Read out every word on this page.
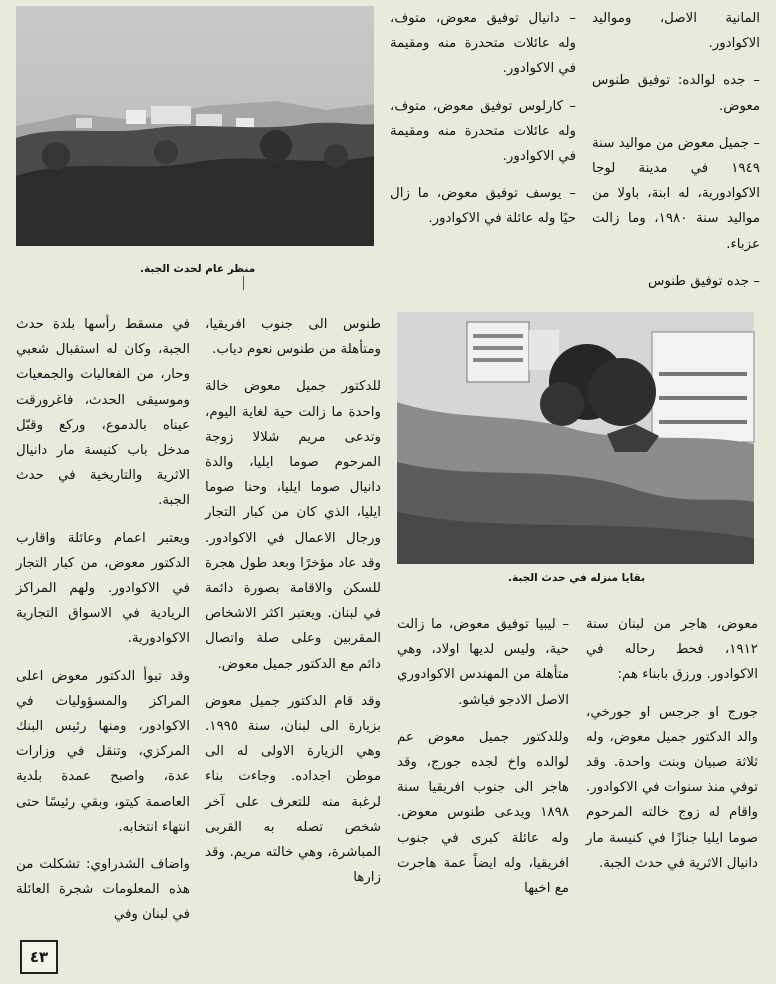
منظر عام لحدث الجبة.

المانية الاصل، ومواليد الاكوادور.

– جده لوالده: توفيق طنوس معوض.

– جميل معوض من مواليد سنة ١٩٤٩ في مدينة لوجا الاكوادورية، له ابنة، باولا من مواليد سنة ١٩٨٠، وما زالت عزباء.

– جده توفيق طنوس

– دانيال توفيق معوض، متوف، وله عائلات متحدرة منه ومقيمة في الاكوادور.

– كارلوس توفيق معوض، متوف، وله عائلات متحدرة منه ومقيمة في الاكوادور.

– يوسف توفيق معوض، ما زال حيًا وله عائلة في الاكوادور.

بقايا منزله في حدث الجبة.

في مسقط رأسها بلدة حدث الجبة، وكان له استقبال شعبي وحار، من الفعاليات والجمعيات وموسيقى الحدث، فاغرورقت عيناه بالدموع، وركع وقبّل مدخل باب كنيسة مار دانيال الاثرية والتاريخية في حدث الجبة.

ويعتبر اعمام وعائلة واقارب الدكتور معوض، من كبار التجار في الاكوادور. ولهم المراكز الريادية في الاسواق التجارية الاكوادورية.

وقد تبوأ الدكتور معوض اعلى المراكز والمسؤوليات في الاكوادور، ومنها رئيس البنك المركزي، وتنقل في وزارات عدة، واصبح عمدة بلدية العاصمة كيتو، وبقي رئيسًا حتى انتهاء انتخابه.

واضاف الشدراوي: تشكلت من هذه المعلومات شجرة العائلة في لبنان وفي

طنوس الى جنوب افريقيا، ومتأهلة من طنوس نعوم دياب.

للدكتور جميل معوض خالة واحدة ما زالت حية لغاية اليوم، وتدعى مريم شلالا زوجة المرحوم صوما ايليا، والدة دانيال صوما ايليا، وحنا صوما ايليا، الذي كان من كبار التجار ورجال الاعمال في الاكوادور. وقد عاد مؤخرًا وبعد طول هجرة للسكن والاقامة بصورة دائمة في لبنان. ويعتبر اكثر الاشخاص المقربين وعلى صلة واتصال دائم مع الدكتور جميل معوض.

وقد قام الدكتور جميل معوض بزيارة الى لبنان، سنة ١٩٩٥. وهي الزيارة الاولى له الى موطن اجداده. وجاءت بناء لرغبة منه للتعرف على آخر شخص تصله به القربى المباشرة، وهي خالته مريم. وقد زارها

– ليبيا توفيق معوض، ما زالت حية، وليس لديها اولاد، وهي متأهلة من المهندس الاكوادوري الاصل الادجو فياشو.

وللدكتور جميل معوض عم لوالده واخ لجده جورج، وقد هاجر الى جنوب افريقيا سنة ١٨٩٨ ويدعى طنوس معوض. وله عائلة كبرى في جنوب افريقيا، وله ايضاً عمة هاجرت مع اخيها

معوض، هاجر من لبنان سنة ١٩١٢، فحط رحاله في الاكوادور. ورزق بابناء هم:

جورج او جرجس او جورخي، والد الدكتور جميل معوض، وله ثلاثة صبيان وبنت واحدة. وقد توفي منذ سنوات في الاكوادور. واقام له زوج خالته المرحوم صوما ايليا جنازًا في كنيسة مار دانيال الاثرية في حدث الجبة.

٤٣
